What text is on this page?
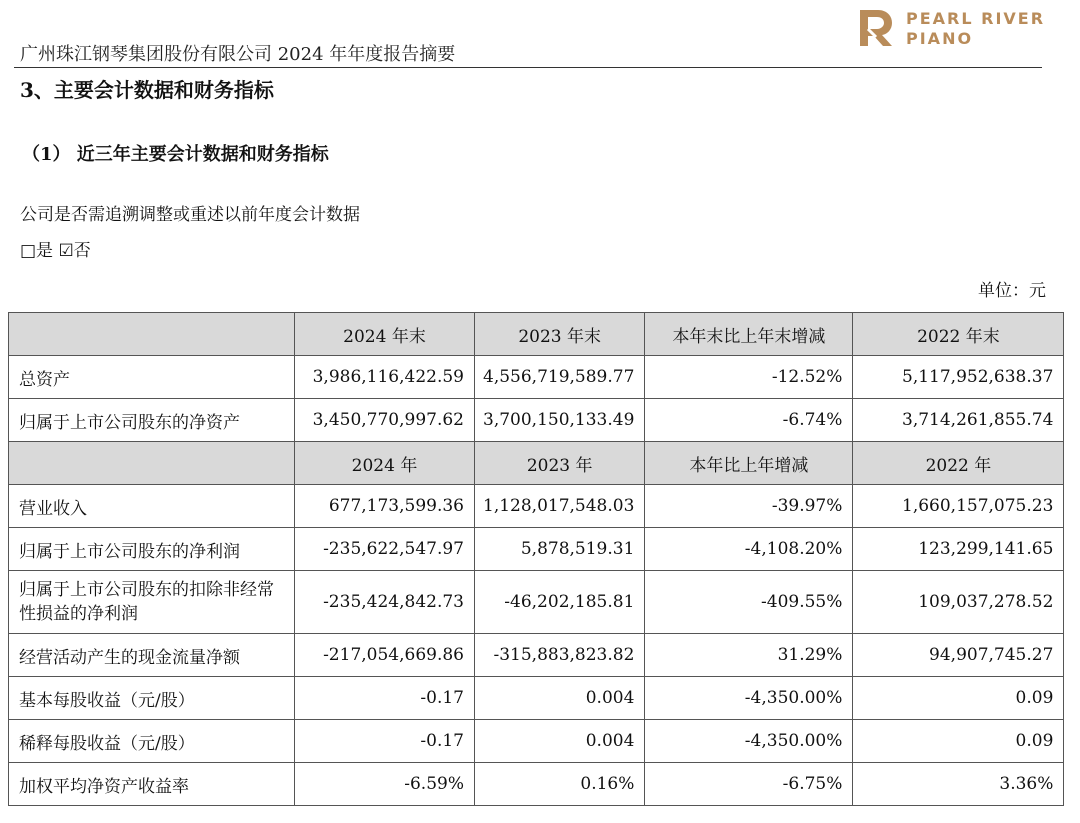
PEARL RIVER
PIANO
广州珠江钢琴集团股份有限公司 2024 年年度报告摘要
3、主要会计数据和财务指标
（1） 近三年主要会计数据和财务指标
公司是否需追溯调整或重述以前年度会计数据
□是 ☑否
单位：元
	2024 年末	2023 年末	本年末比上年末增减	2022 年末
总资产	3,986,116,422.59	4,556,719,589.77	-12.52%	5,117,952,638.37
归属于上市公司股东的净资产	3,450,770,997.62	3,700,150,133.49	-6.74%	3,714,261,855.74
	2024 年	2023 年	本年比上年增减	2022 年
营业收入	677,173,599.36	1,128,017,548.03	-39.97%	1,660,157,075.23
归属于上市公司股东的净利润	-235,622,547.97	5,878,519.31	-4,108.20%	123,299,141.65
归属于上市公司股东的扣除非经常性损益的净利润	-235,424,842.73	-46,202,185.81	-409.55%	109,037,278.52
经营活动产生的现金流量净额	-217,054,669.86	-315,883,823.82	31.29%	94,907,745.27
基本每股收益（元/股）	-0.17	0.004	-4,350.00%	0.09
稀释每股收益（元/股）	-0.17	0.004	-4,350.00%	0.09
加权平均净资产收益率	-6.59%	0.16%	-6.75%	3.36%
